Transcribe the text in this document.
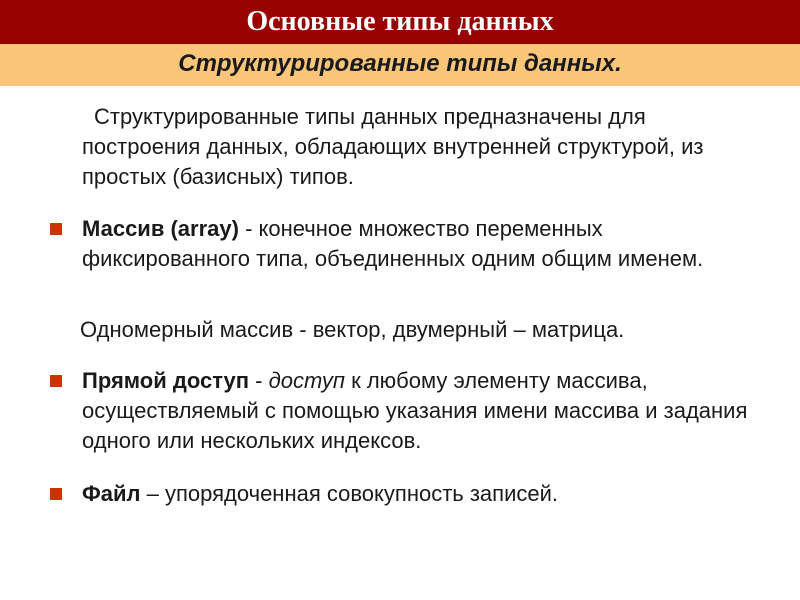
Основные типы данных
Структурированные типы данных.

Структурированные типы данных предназначены для построения данных, обладающих внутренней структурой, из простых (базисных) типов.

Массив (array) - конечное множество переменных фиксированного типа, объединенных одним общим именем.

Одномерный массив - вектор, двумерный – матрица.

Прямой доступ - доступ к любому элементу массива, осуществляемый с помощью указания имени массива и задания одного или нескольких индексов.

Файл – упорядоченная совокупность записей.
